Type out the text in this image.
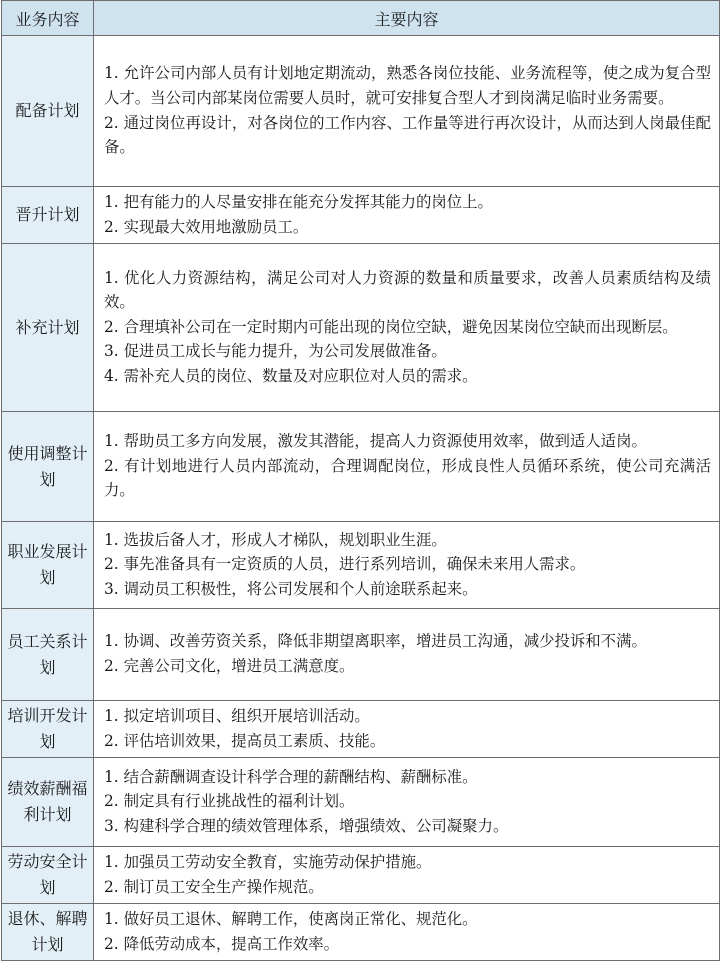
业务内容	主要内容
配备计划	1. 允许公司内部人员有计划地定期流动，熟悉各岗位技能、业务流程等，使之成为复合型人才。当公司内部某岗位需要人员时，就可安排复合型人才到岗满足临时业务需要。
2. 通过岗位再设计，对各岗位的工作内容、工作量等进行再次设计，从而达到人岗最佳配备。

晋升计划	1. 把有能力的人尽量安排在能充分发挥其能力的岗位上。
2. 实现最大效用地激励员工。

补充计划	1. 优化人力资源结构，满足公司对人力资源的数量和质量要求，改善人员素质结构及绩效。
2. 合理填补公司在一定时期内可能出现的岗位空缺，避免因某岗位空缺而出现断层。
3. 促进员工成长与能力提升，为公司发展做准备。
4. 需补充人员的岗位、数量及对应职位对人员的需求。

使用调整计划	1. 帮助员工多方向发展，激发其潜能，提高人力资源使用效率，做到适人适岗。
2. 有计划地进行人员内部流动，合理调配岗位，形成良性人员循环系统，使公司充满活力。

职业发展计划	1. 选拔后备人才，形成人才梯队，规划职业生涯。
2. 事先准备具有一定资质的人员，进行系列培训，确保未来用人需求。
3. 调动员工积极性，将公司发展和个人前途联系起来。

员工关系计划	1. 协调、改善劳资关系，降低非期望离职率，增进员工沟通，减少投诉和不满。
2. 完善公司文化，增进员工满意度。

培训开发计划	1. 拟定培训项目、组织开展培训活动。
2. 评估培训效果，提高员工素质、技能。

绩效薪酬福利计划	1. 结合薪酬调查设计科学合理的薪酬结构、薪酬标准。
2. 制定具有行业挑战性的福利计划。
3. 构建科学合理的绩效管理体系，增强绩效、公司凝聚力。

劳动安全计划	1. 加强员工劳动安全教育，实施劳动保护措施。
2. 制订员工安全生产操作规范。

退休、解聘计划	1. 做好员工退休、解聘工作，使离岗正常化、规范化。
2. 降低劳动成本，提高工作效率。
